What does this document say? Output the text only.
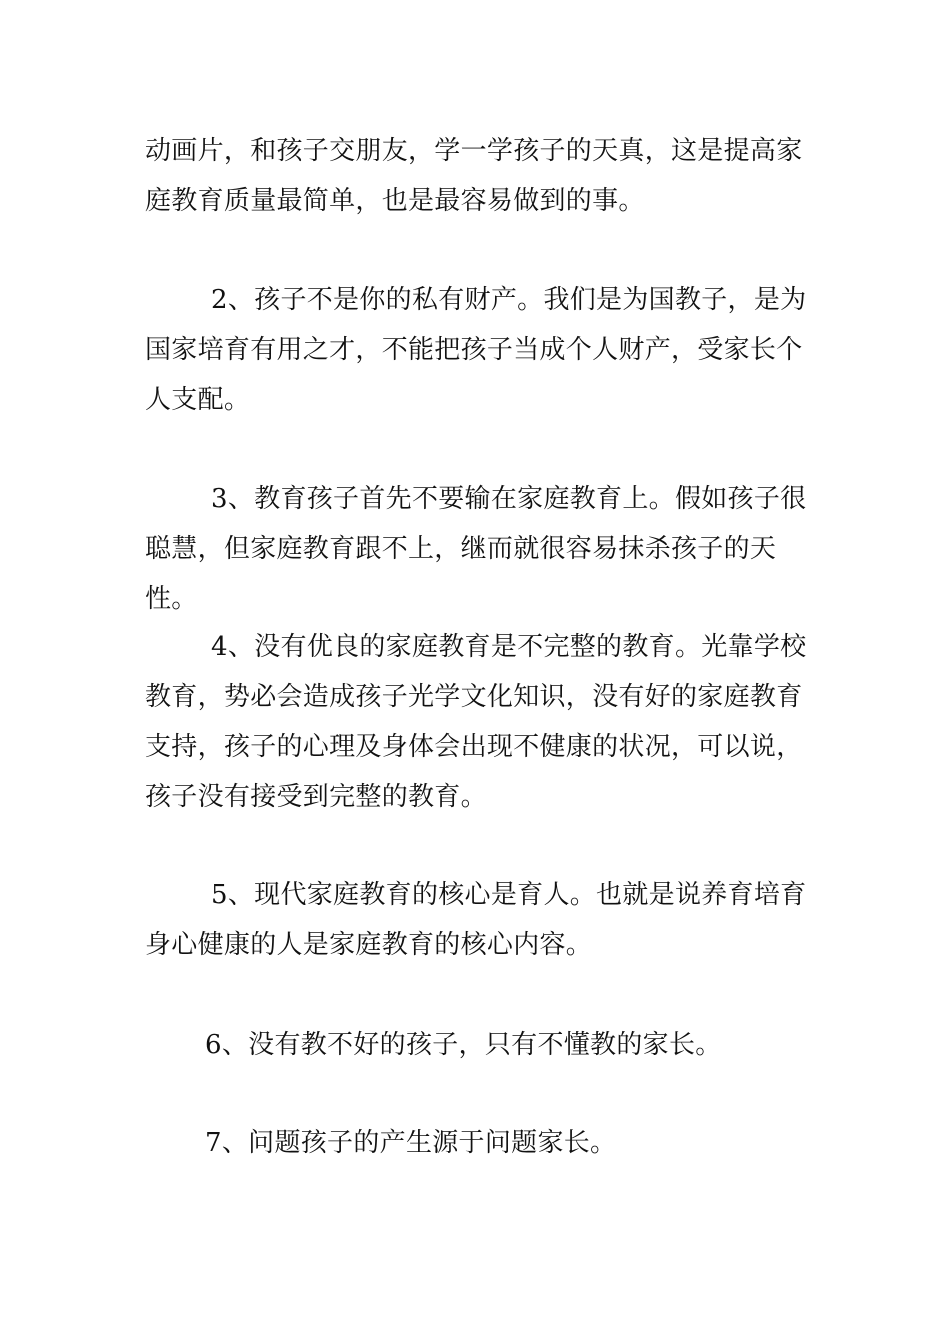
动画片，和孩子交朋友，学一学孩子的天真，这是提高家庭教育质量最简单，也是最容易做到的事。

2、孩子不是你的私有财产。我们是为国教子，是为国家培育有用之才，不能把孩子当成个人财产，受家长个人支配。

3、教育孩子首先不要输在家庭教育上。假如孩子很聪慧，但家庭教育跟不上，继而就很容易抹杀孩子的天性。

4、没有优良的家庭教育是不完整的教育。光靠学校教育，势必会造成孩子光学文化知识，没有好的家庭教育支持，孩子的心理及身体会出现不健康的状况，可以说，孩子没有接受到完整的教育。

5、现代家庭教育的核心是育人。也就是说养育培育身心健康的人是家庭教育的核心内容。

6、没有教不好的孩子，只有不懂教的家长。

7、问题孩子的产生源于问题家长。
